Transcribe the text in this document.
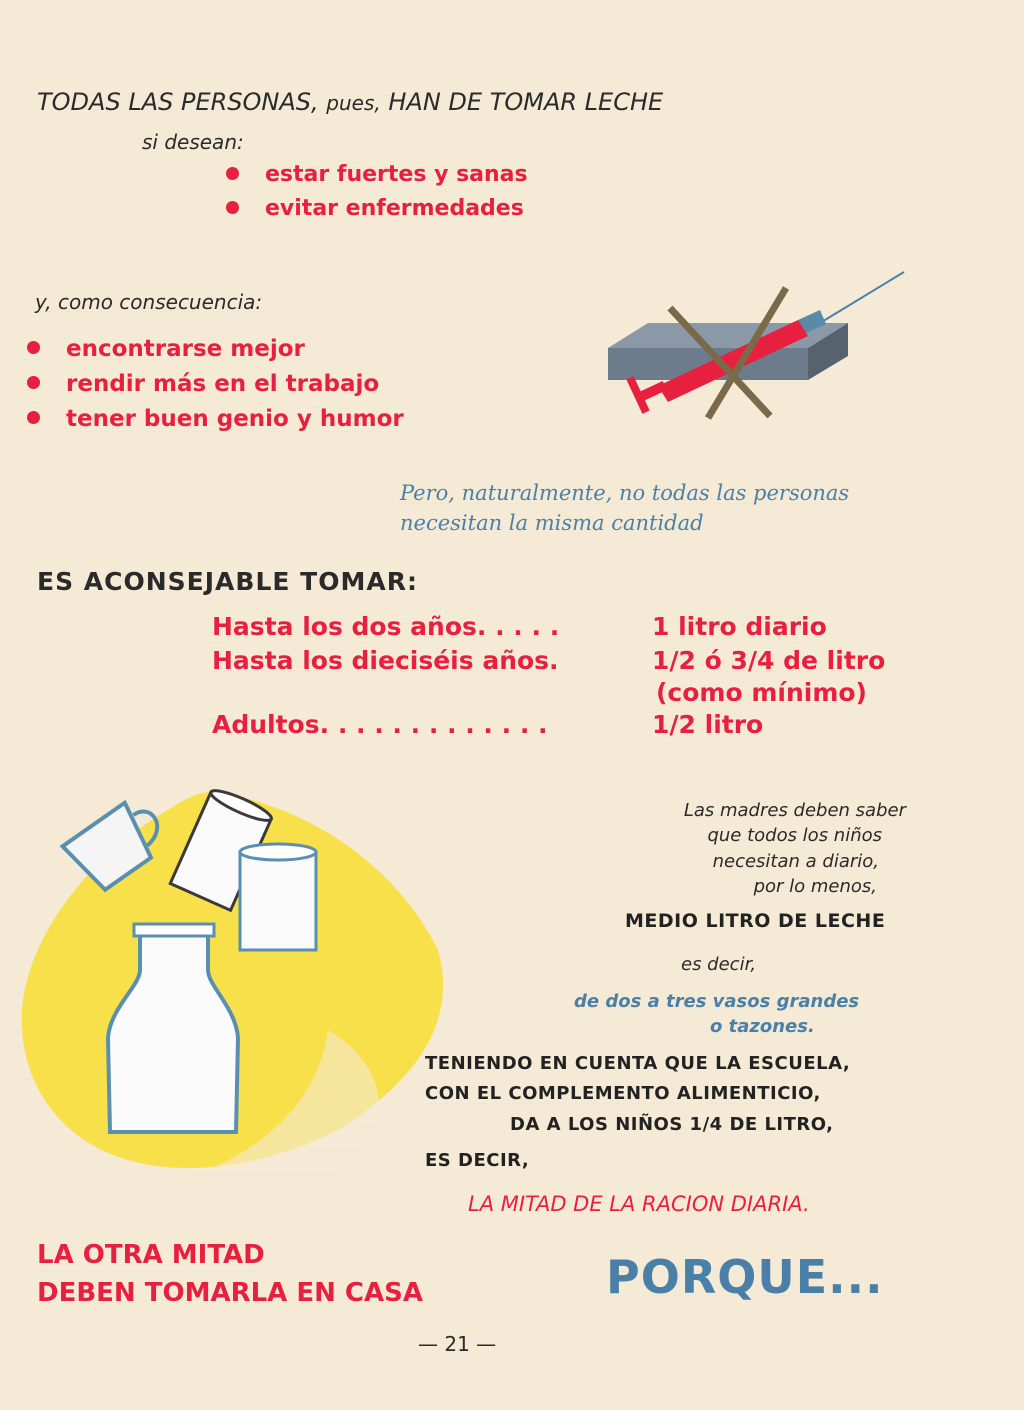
TODAS LAS PERSONAS, pues, HAN DE TOMAR LECHE
si desean:
estar fuertes y sanas
evitar enfermedades
y, como consecuencia:
encontrarse mejor
rendir más en el trabajo
tener buen genio y humor
Pero, naturalmente, no todas las personas
necesitan la misma cantidad
ES ACONSEJABLE TOMAR:
Hasta los dos años. . . . .	1 litro diario
Hasta los dieciséis años.	1/2 ó 3/4 de litro
(como mínimo)
Adultos. . . . . . . . . . . . .	1/2 litro
Las madres deben saber
que todos los niños
necesitan a diario,
por lo menos,
MEDIO LITRO DE LECHE
es decir,
de dos a tres vasos grandes
o tazones.
TENIENDO EN CUENTA QUE LA ESCUELA,
CON EL COMPLEMENTO ALIMENTICIO,
DA A LOS NIÑOS 1/4 DE LITRO,
ES DECIR,
LA MITAD DE LA RACION DIARIA.
LA OTRA MITAD
DEBEN TOMARLA EN CASA	PORQUE...
— 21 —
